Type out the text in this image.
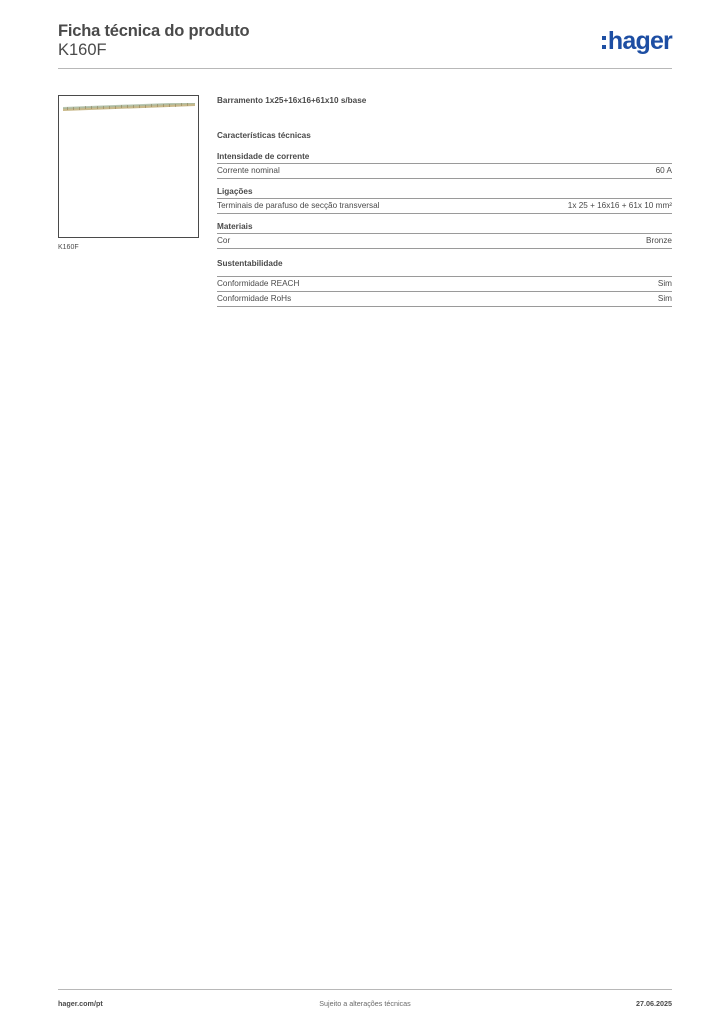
Ficha técnica do produto
K160F	hager
K160F
Barramento 1x25+16x16+61x10 s/base
Características técnicas
Intensidade de corrente
Corrente nominal	60 A
Ligações
Terminais de parafuso de secção transversal	1x 25 + 16x16 + 61x 10 mm²
Materiais
Cor	Bronze
Sustentabilidade
Conformidade REACH	Sim
Conformidade RoHs	Sim
hager.com/pt	Sujeito a alterações técnicas	27.06.2025
